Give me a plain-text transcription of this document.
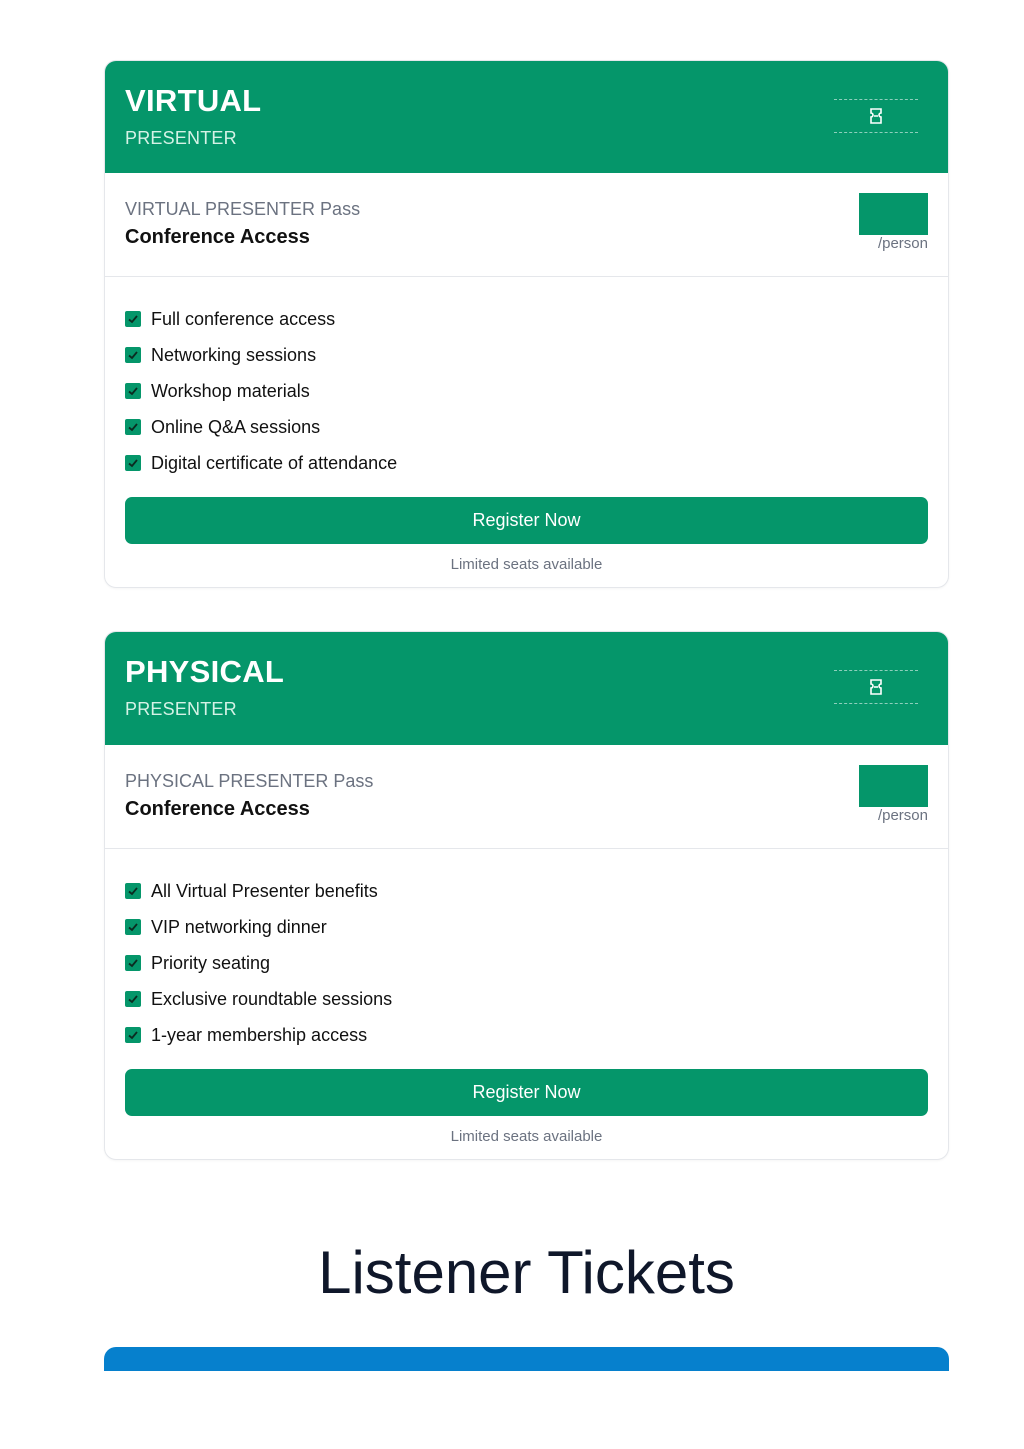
VIRTUAL
PRESENTER
VIRTUAL PRESENTER Pass
Conference Access	/person
Full conference access
Networking sessions
Workshop materials
Online Q&A sessions
Digital certificate of attendance
Register Now
Limited seats available
PHYSICAL
PRESENTER
PHYSICAL PRESENTER Pass
Conference Access	/person
All Virtual Presenter benefits
VIP networking dinner
Priority seating
Exclusive roundtable sessions
1-year membership access
Register Now
Limited seats available
Listener Tickets
